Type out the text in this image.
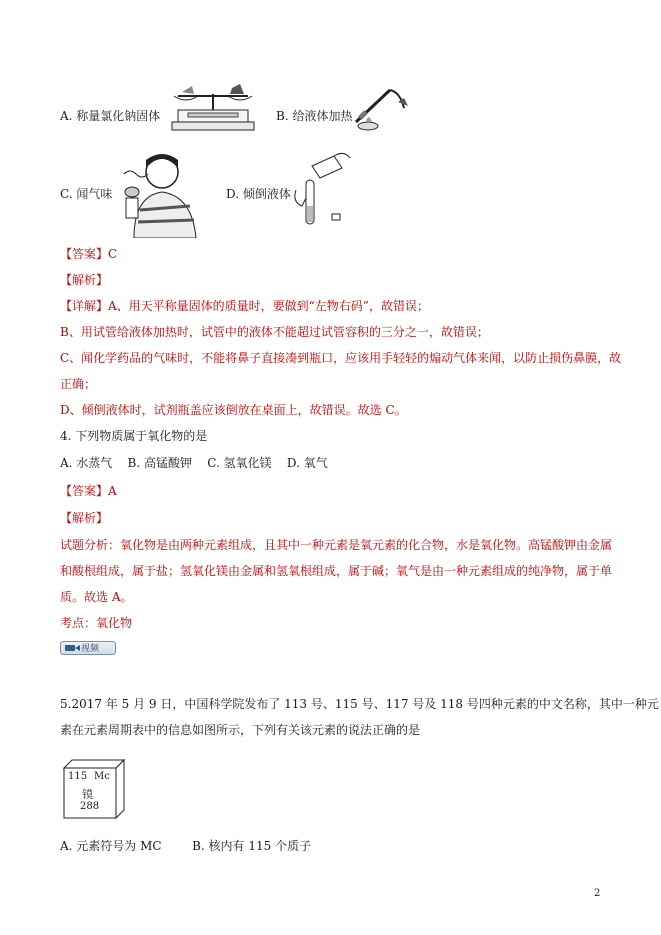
A. 称量氯化钠固体	B. 给液体加热
C. 闻气味	D. 倾倒液体
【答案】C
【解析】
【详解】A、用天平称量固体的质量时，要做到“左物右码”，故错误；
B、用试管给液体加热时，试管中的液体不能超过试管容积的三分之一，故错误；
C、闻化学药品的气味时，不能将鼻子直接凑到瓶口，应该用手轻轻的煽动气体来闻，以防止损伤鼻膜，故
正确；
D、倾倒液体时，试剂瓶盖应该倒放在桌面上，故错误。故选 C。
4. 下列物质属于氧化物的是
A. 水蒸气    B. 高锰酸钾    C. 氢氧化镁    D. 氧气
【答案】A
【解析】
试题分析：氧化物是由两种元素组成，且其中一种元素是氧元素的化合物，水是氧化物。高锰酸钾由金属
和酸根组成，属于盐；氢氧化镁由金属和氢氧根组成，属于碱；氧气是由一种元素组成的纯净物，属于单
质。故选 A。
考点：氧化物
视频
5.2017 年 5 月 9 日，中国科学院发布了 113 号、115 号、117 号及 118 号四种元素的中文名称，其中一种元
素在元素周期表中的信息如图所示，下列有关该元素的说法正确的是
115 Mc
镆
288
A. 元素符号为 MC        B. 核内有 115 个质子
2
